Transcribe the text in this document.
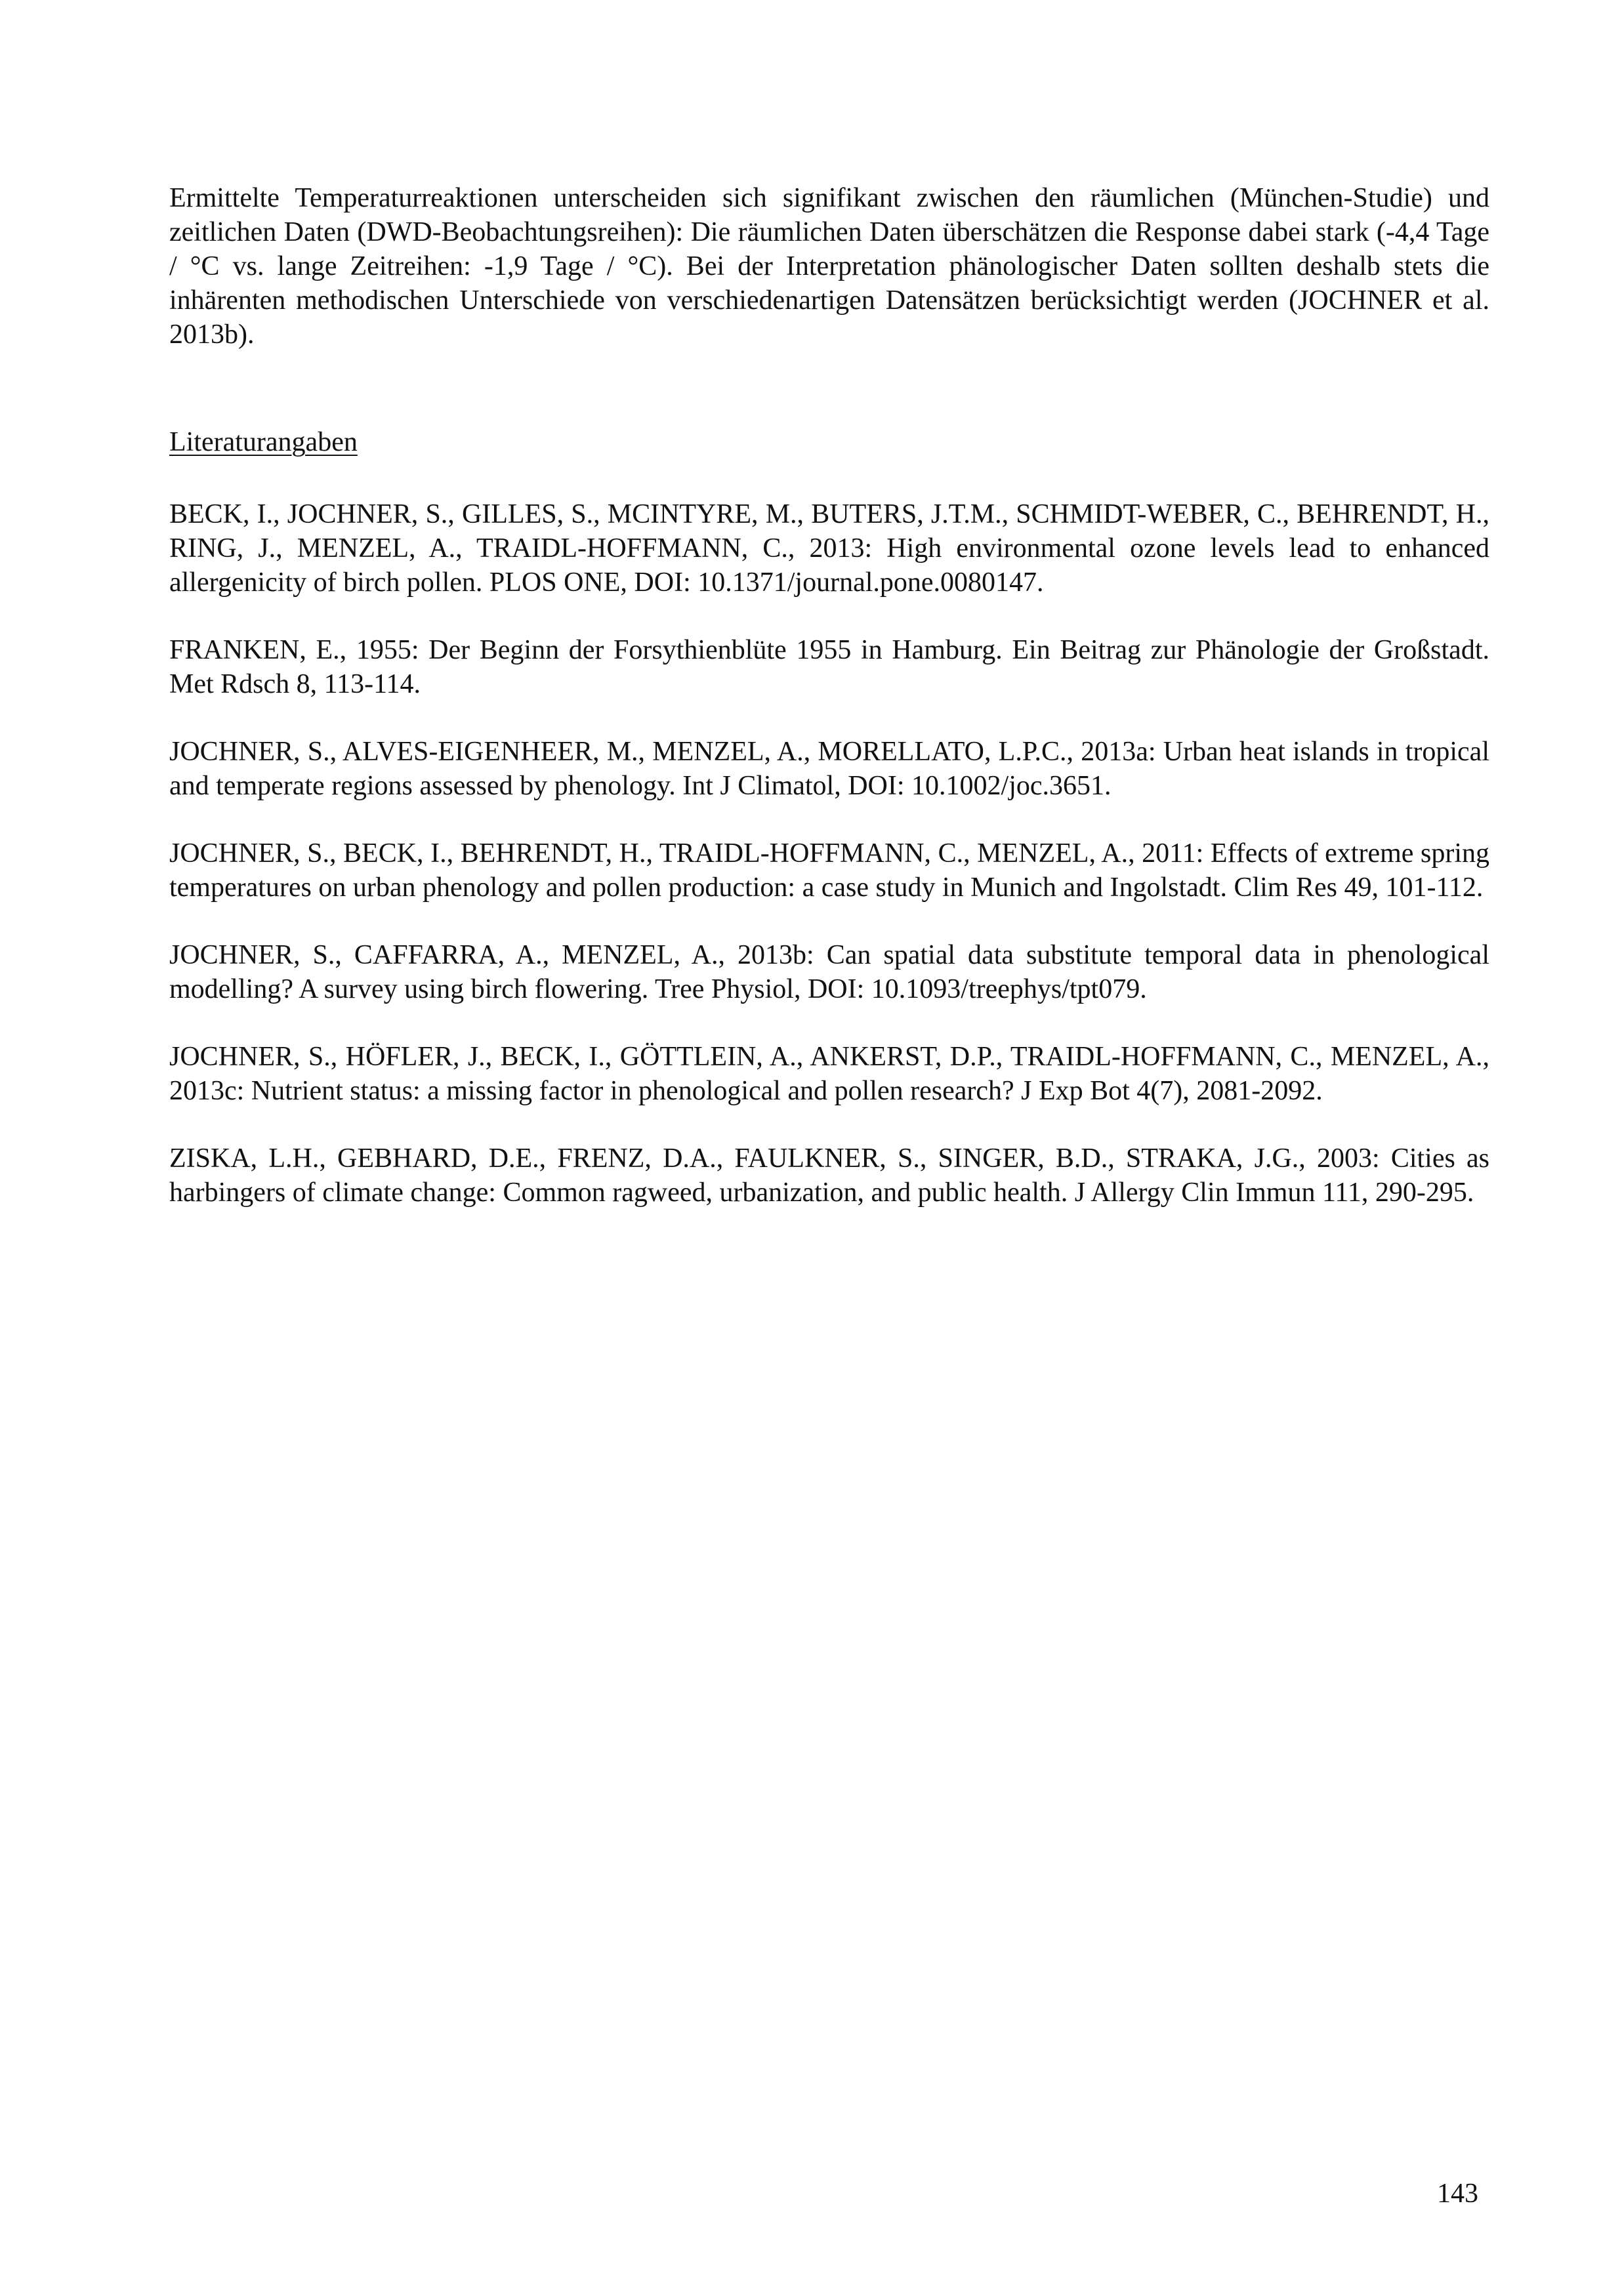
Ermittelte Temperaturreaktionen unterscheiden sich signifikant zwischen den räumlichen (München-Studie) und zeitlichen Daten (DWD-Beobachtungsreihen): Die räumlichen Daten überschätzen die Response dabei stark (-4,4 Tage / °C vs. lange Zeitreihen: -1,9 Tage / °C). Bei der Interpretation phänologischer Daten sollten deshalb stets die inhärenten methodischen Unterschiede von verschiedenartigen Datensätzen berücksichtigt werden (JOCHNER et al. 2013b).

Literaturangaben

BECK, I., JOCHNER, S., GILLES, S., MCINTYRE, M., BUTERS, J.T.M., SCHMIDT-WEBER, C., BEHRENDT, H., RING, J., MENZEL, A., TRAIDL-HOFFMANN, C., 2013: High environmental ozone levels lead to enhanced allergenicity of birch pollen. PLOS ONE, DOI: 10.1371/journal.pone.0080147.

FRANKEN, E., 1955: Der Beginn der Forsythienblüte 1955 in Hamburg. Ein Beitrag zur Phänologie der Großstadt. Met Rdsch 8, 113-114.

JOCHNER, S., ALVES-EIGENHEER, M., MENZEL, A., MORELLATO, L.P.C., 2013a: Urban heat islands in tropical and temperate regions assessed by phenology. Int J Climatol, DOI: 10.1002/joc.3651.

JOCHNER, S., BECK, I., BEHRENDT, H., TRAIDL-HOFFMANN, C., MENZEL, A., 2011: Effects of extreme spring temperatures on urban phenology and pollen production: a case study in Munich and Ingolstadt. Clim Res 49, 101-112.

JOCHNER, S., CAFFARRA, A., MENZEL, A., 2013b: Can spatial data substitute temporal data in phenological modelling? A survey using birch flowering. Tree Physiol, DOI: 10.1093/treephys/tpt079.

JOCHNER, S., HÖFLER, J., BECK, I., GÖTTLEIN, A., ANKERST, D.P., TRAIDL-HOFFMANN, C., MENZEL, A., 2013c: Nutrient status: a missing factor in phenological and pollen research? J Exp Bot 4(7), 2081-2092.

ZISKA, L.H., GEBHARD, D.E., FRENZ, D.A., FAULKNER, S., SINGER, B.D., STRAKA, J.G., 2003: Cities as harbingers of climate change: Common ragweed, urbanization, and public health. J Allergy Clin Immun 111, 290-295.

143
